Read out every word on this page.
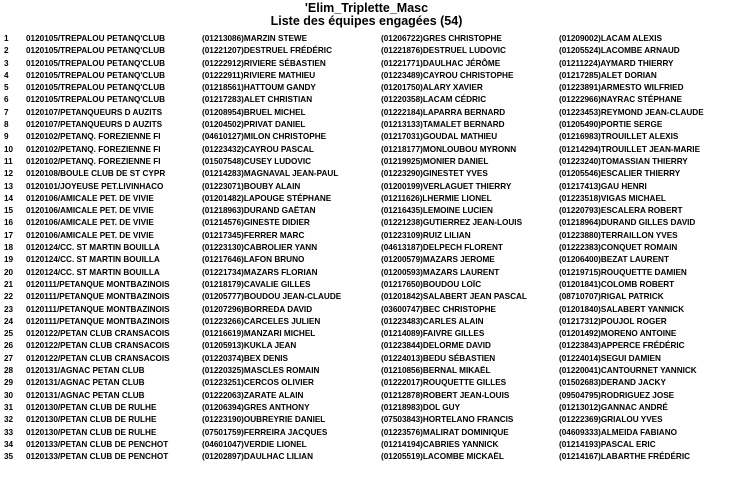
'Elim_Triplette_Masc
Liste des équipes engagées (54)
1	0120105/TREPALOU PETANQ'CLUB	(01213086)MARZIN STEWE	(01206722)GRES CHRISTOPHE	(01209002)LACAM ALEXIS
2	0120105/TREPALOU PETANQ'CLUB	(01221207)DESTRUEL FRÉDÉRIC	(01221876)DESTRUEL LUDOVIC	(01205524)LACOMBE ARNAUD
3	0120105/TREPALOU PETANQ'CLUB	(01222912)RIVIERE SÉBASTIEN	(01221771)DAULHAC JÉRÔME	(01211224)AYMARD THIERRY
4	0120105/TREPALOU PETANQ'CLUB	(01222911)RIVIERE MATHIEU	(01223489)CAYROU CHRISTOPHE	(01217285)ALET DORIAN
5	0120105/TREPALOU PETANQ'CLUB	(01218561)HATTOUM GANDY	(01201750)ALARY XAVIER	(01223891)ARMESTO WILFRIED
6	0120105/TREPALOU PETANQ'CLUB	(01217283)ALET CHRISTIAN	(01220358)LACAM CÉDRIC	(01222966)NAYRAC STÉPHANE
7	0120107/PETANQUEURS D AUZITS	(01208954)BRUEL MICHEL	(01222184)LAPARRA BERNARD	(01223453)REYMOND JEAN-CLAUDE
8	0120107/PETANQUEURS D AUZITS	(01204502)PRIVAT DANIEL	(01213133)TAMALET BERNARD	(01205490)PORTIE SERGE
9	0120102/PETANQ. FOREZIENNE FI	(04610127)MILON CHRISTOPHE	(01217031)GOUDAL MATHIEU	(01216983)TROUILLET ALEXIS
10	0120102/PETANQ. FOREZIENNE FI	(01223432)CAYROU PASCAL	(01218177)MONLOUBOU MYRONN	(01214294)TROUILLET JEAN-MARIE
11	0120102/PETANQ. FOREZIENNE FI	(01507548)CUSEY LUDOVIC	(01219925)MONIER DANIEL	(01223240)TOMASSIAN THIERRY
12	0120108/BOULE CLUB DE ST CYPR	(01214283)MAGNAVAL JEAN-PAUL	(01223290)GINESTET YVES	(01205546)ESCALIER THIERRY
13	0120101/JOYEUSE PET.LIVINHACO	(01223071)BOUBY ALAIN	(01200199)VERLAGUET THIERRY	(01217413)GAU HENRI
14	0120106/AMICALE PET. DE VIVIE	(01201482)LAPOUGE STÉPHANE	(01211626)LHERMIE LIONEL	(01223518)VIGAS MICHAEL
15	0120106/AMICALE PET. DE VIVIE	(01218963)DURAND GAËTAN	(01216435)LEMOINE LUCIEN	(01220793)ESCALERA ROBERT
16	0120106/AMICALE PET. DE VIVIE	(01214576)GINESTE DIDIER	(01221238)GUTIERREZ JEAN-LOUIS	(01218964)DURAND GILLES DAVID
17	0120106/AMICALE PET. DE VIVIE	(01217345)FERRER MARC	(01223109)RUIZ LILIAN	(01223880)TERRAILLON YVES
18	0120124/CC. ST MARTIN BOUILLA	(01223130)CABROLIER YANN	(04613187)DELPECH FLORENT	(01222383)CONQUET ROMAIN
19	0120124/CC. ST MARTIN BOUILLA	(01217646)LAFON BRUNO	(01200579)MAZARS JEROME	(01206400)BEZAT LAURENT
20	0120124/CC. ST MARTIN BOUILLA	(01221734)MAZARS FLORIAN	(01200593)MAZARS LAURENT	(01219715)ROUQUETTE DAMIEN
21	0120111/PETANQUE MONTBAZINOIS	(01218179)CAVALIE GILLES	(01217650)BOUDOU LOÏC	(01201841)COLOMB ROBERT
22	0120111/PETANQUE MONTBAZINOIS	(01205777)BOUDOU JEAN-CLAUDE	(01201842)SALABERT JEAN PASCAL	(08710707)RIGAL PATRICK
23	0120111/PETANQUE MONTBAZINOIS	(01207296)BORREDA DAVID	(03600747)BEC CHRISTOPHE	(01201840)SALABERT YANNICK
24	0120111/PETANQUE MONTBAZINOIS	(01223266)CARCELES JULIEN	(01223483)CARLES ALAIN	(01217312)POUJOL ROGER
25	0120122/PETAN CLUB CRANSACOIS	(01216619)MANZARI MICHEL	(01214089)FAIVRE GILLES	(01201492)MORENO ANTOINE
26	0120122/PETAN CLUB CRANSACOIS	(01205913)KUKLA JEAN	(01223844)DELORME DAVID	(01223843)APPERCE FRÉDÉRIC
27	0120122/PETAN CLUB CRANSACOIS	(01220374)BEX DENIS	(01224013)BEDU SÉBASTIEN	(01224014)SEGUI DAMIEN
28	0120131/AGNAC PETAN CLUB	(01220325)MASCLES ROMAIN	(01210856)BERNAL MIKAËL	(01220041)CANTOURNET YANNICK
29	0120131/AGNAC PETAN CLUB	(01223251)CERCOS OLIVIER	(01222017)ROUQUETTE GILLES	(01502683)DERAND JACKY
30	0120131/AGNAC PETAN CLUB	(01222063)ZARATE ALAIN	(01212878)ROBERT JEAN-LOUIS	(09504795)RODRIGUEZ JOSE
31	0120130/PETAN CLUB DE RULHE	(01206394)GRES ANTHONY	(01218983)DOL GUY	(01213012)GANNAC ANDRÉ
32	0120130/PETAN CLUB DE RULHE	(01223190)OUBREYRIE DANIEL	(07503843)HORTELANO FRANCIS	(01222369)GRIALOU YVES
33	0120130/PETAN CLUB DE RULHE	(07501759)FERREIRA JACQUES	(01223576)MALIRAT DOMINIQUE	(04609333)ALMEIDA FABIANO
34	0120133/PETAN CLUB DE PENCHOT	(04601047)VERDIE LIONEL	(01214194)CABRIES YANNICK	(01214193)PASCAL ERIC
35	0120133/PETAN CLUB DE PENCHOT	(01202897)DAULHAC LILIAN	(01205519)LACOMBE MICKAËL	(01214167)LABARTHE FRÉDÉRIC
